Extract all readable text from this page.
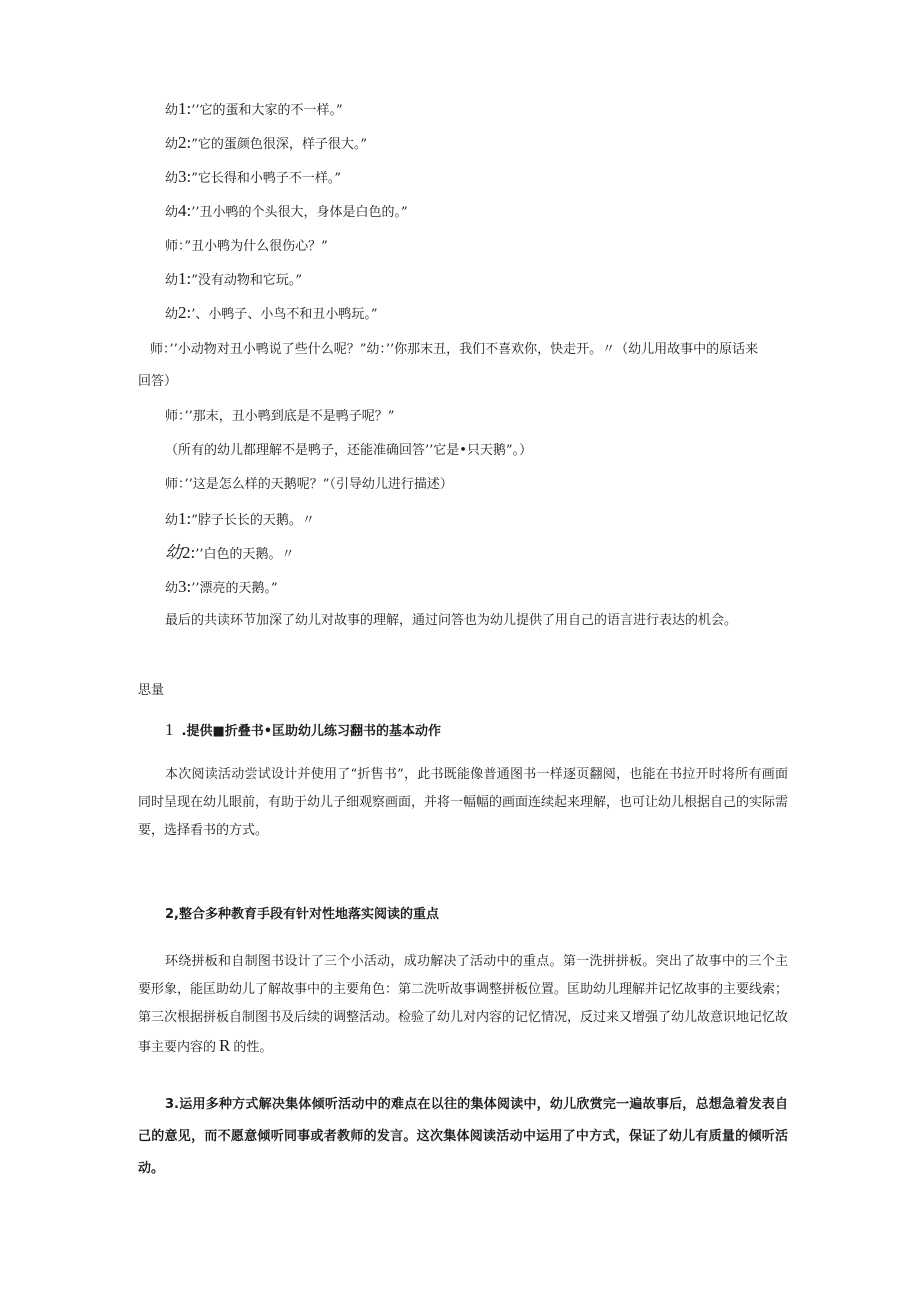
幼1:’’它的蛋和大家的不一样。”
幼2:”它的蛋颜色很深，样子很大。”
幼3:”它长得和小鸭子不一样。”
幼4:’’丑小鸭的个头很大，身体是白色的。”
师：”丑小鸭为什么很伤心？”
幼1:”没有动物和它玩。”
幼2:’、小鸭子、小鸟不和丑小鸭玩。”
师：’’小动物对丑小鸭说了些什么呢？”幼：’’你那末丑，我们不喜欢你，快走开。〃（幼儿用故事中的原话来
回答）
师：’’那末，丑小鸭到底是不是鸭子呢？”
（所有的幼儿都理解不是鸭子，还能准确回答’’它是•只天鹅”。）
师：’’这是怎么样的天鹅呢？”（引导幼儿进行描述）
幼1:”脖子长长的天鹅。〃
幼2:’’白色的天鹅。〃
幼3:’’漂亮的天鹅。”
最后的共读环节加深了幼儿对故事的理解，通过问答也为幼儿提供了用自己的语言进行表达的机会。
思量
1 .提供■折叠书•匡助幼儿练习翻书的基本动作
本次阅读活动尝试设计并使用了“折售书”，此书既能像普通图书一样逐页翻阅，也能在书拉开时将所有画面同时呈现在幼儿眼前，有助于幼儿子细观察画面，并将一幅幅的画面连续起来理解，也可让幼儿根据自己的实际需要，选择看书的方式。
2,整合多种教育手段有针对性地落实阅读的重点
环绕拼板和自制图书设计了三个小活动，成功解决了活动中的重点。第一洗拼拼板。突出了故事中的三个主要形象，能匡助幼儿了解故事中的主要角色：第二洗听故事调整拼板位置。匡助幼儿理解并记忆故事的主要线索；第三次根据拼板自制图书及后续的调整活动。检验了幼儿对内容的记忆情况，反过来又增强了幼儿故意识地记忆故事主要内容的 R 的性。
3.运用多种方式解决集体倾听活动中的难点在以往的集体阅读中，幼儿欣赏完一遍故事后，总想急着发表自己的意见，而不愿意倾听同事或者教师的发言。这次集体阅读活动中运用了中方式，保证了幼儿有质量的倾听活动。
